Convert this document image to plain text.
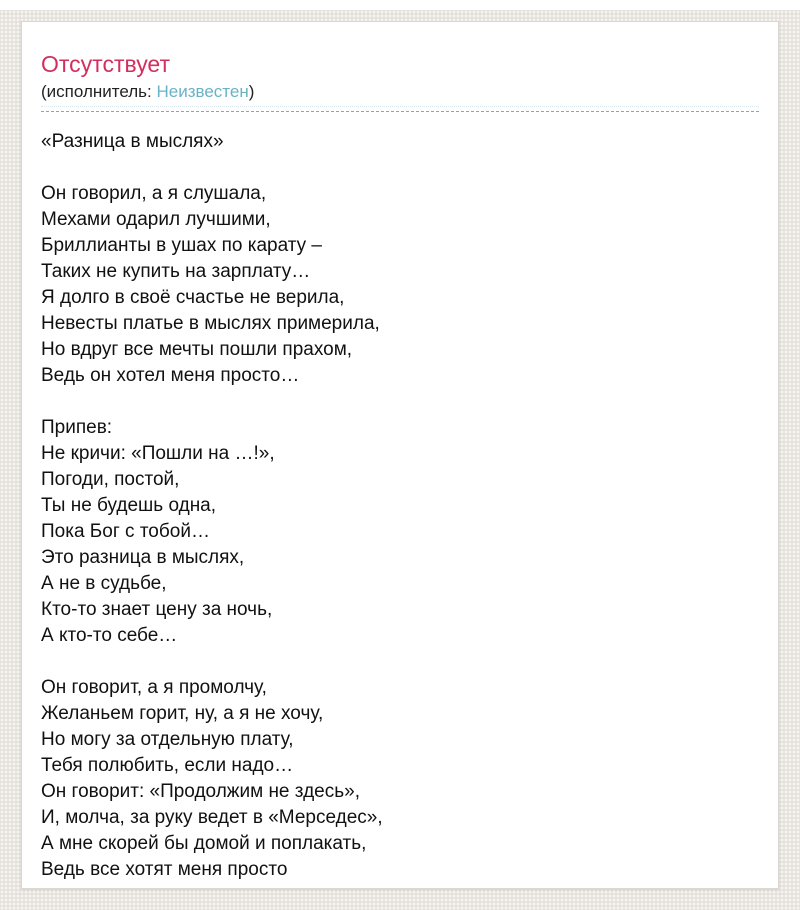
Отсутствует
(исполнитель: Неизвестен)
«Разница в мыслях»

Он говорил, а я слушала,
Мехами одарил лучшими,
Бриллианты в ушах по карату –
Таких не купить на зарплату…
Я долго в своё счастье не верила,
Невесты платье в мыслях примерила,
Но вдруг все мечты пошли прахом,
Ведь он хотел меня просто…

Припев:
Не кричи: «Пошли на …!»,
Погоди, постой,
Ты не будешь одна,
Пока Бог с тобой…
Это разница в мыслях,
А не в судьбе,
Кто-то знает цену за ночь,
А кто-то себе…

Он говорит, а я промолчу,
Желаньем горит, ну, а я не хочу,
Но могу за отдельную плату,
Тебя полюбить, если надо…
Он говорит: «Продолжим не здесь»,
И, молча, за руку ведет в «Мерседес»,
А мне скорей бы домой и поплакать,
Ведь все хотят меня просто
